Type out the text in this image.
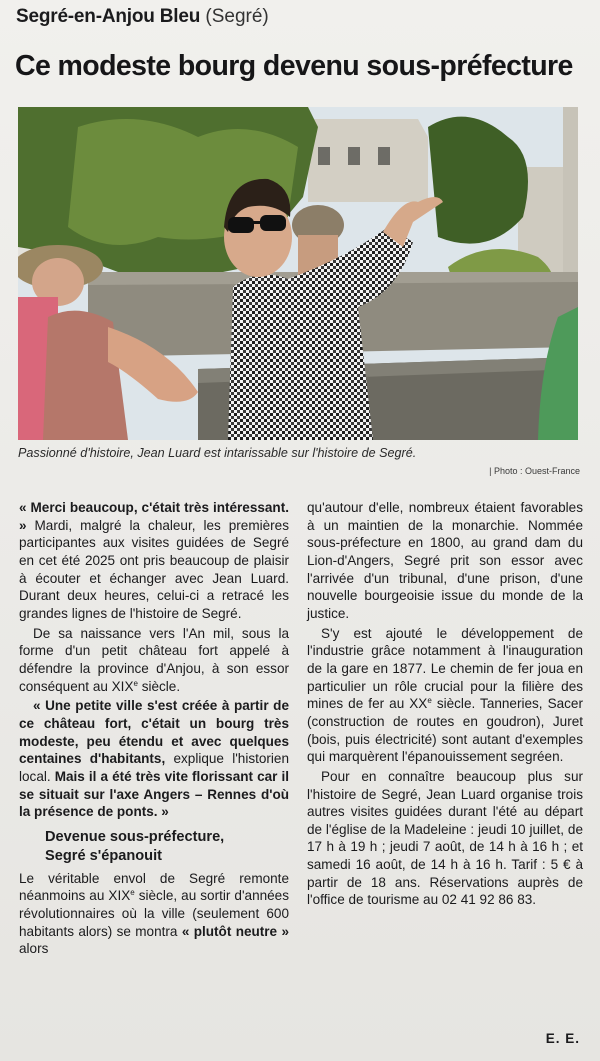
Segré-en-Anjou Bleu (Segré)
Ce modeste bourg devenu sous-préfecture
Passionné d'histoire, Jean Luard est intarissable sur l'histoire de Segré.
| Photo : Ouest-France

« Merci beaucoup, c'était très intéressant. » Mardi, malgré la chaleur, les premières participantes aux visites guidées de Segré en cet été 2025 ont pris beaucoup de plaisir à écouter et échanger avec Jean Luard. Durant deux heures, celui-ci a retracé les grandes lignes de l'histoire de Segré.

De sa naissance vers l'An mil, sous la forme d'un petit château fort appelé à défendre la province d'Anjou, à son essor conséquent au XIXe siècle.

« Une petite ville s'est créée à partir de ce château fort, c'était un bourg très modeste, peu étendu et avec quelques centaines d'habitants, explique l'historien local. Mais il a été très vite florissant car il se situait sur l'axe Angers – Rennes d'où la présence de ponts. »

Devenue sous-préfecture,
Segré s'épanouit

Le véritable envol de Segré remonte néanmoins au XIXe siècle, au sortir d'années révolutionnaires où la ville (seulement 600 habitants alors) se montra « plutôt neutre » alors

qu'autour d'elle, nombreux étaient favorables à un maintien de la monarchie. Nommée sous-préfecture en 1800, au grand dam du Lion-d'Angers, Segré prit son essor avec l'arrivée d'un tribunal, d'une prison, d'une nouvelle bourgeoisie issue du monde de la justice.

S'y est ajouté le développement de l'industrie grâce notamment à l'inauguration de la gare en 1877. Le chemin de fer joua en particulier un rôle crucial pour la filière des mines de fer au XXe siècle. Tanneries, Sacer (construction de routes en goudron), Juret (bois, puis électricité) sont autant d'exemples qui marquèrent l'épanouissement segréen.

Pour en connaître beaucoup plus sur l'histoire de Segré, Jean Luard organise trois autres visites guidées durant l'été au départ de l'église de la Madeleine : jeudi 10 juillet, de 17 h à 19 h ; jeudi 7 août, de 14 h à 16 h ; et samedi 16 août, de 14 h à 16 h. Tarif : 5 € à partir de 18 ans. Réservations auprès de l'office de tourisme au 02 41 92 86 83.

E. E.
